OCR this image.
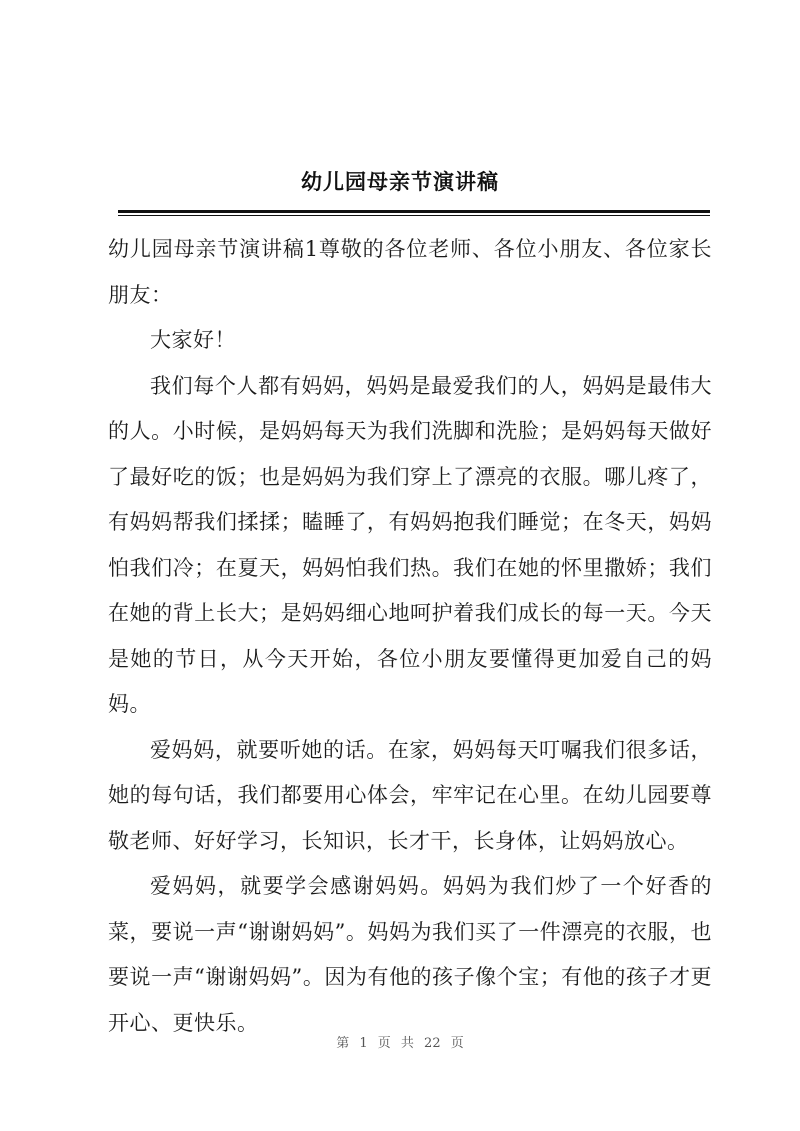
幼儿园母亲节演讲稿

幼儿园母亲节演讲稿1尊敬的各位老师、各位小朋友、各位家长朋友：

大家好！

我们每个人都有妈妈，妈妈是最爱我们的人，妈妈是最伟大的人。小时候，是妈妈每天为我们洗脚和洗脸；是妈妈每天做好了最好吃的饭；也是妈妈为我们穿上了漂亮的衣服。哪儿疼了，有妈妈帮我们揉揉；瞌睡了，有妈妈抱我们睡觉；在冬天，妈妈怕我们冷；在夏天，妈妈怕我们热。我们在她的怀里撒娇；我们在她的背上长大；是妈妈细心地呵护着我们成长的每一天。今天是她的节日，从今天开始，各位小朋友要懂得更加爱自己的妈妈。

爱妈妈，就要听她的话。在家，妈妈每天叮嘱我们很多话，她的每句话，我们都要用心体会，牢牢记在心里。在幼儿园要尊敬老师、好好学习，长知识，长才干，长身体，让妈妈放心。

爱妈妈，就要学会感谢妈妈。妈妈为我们炒了一个好香的菜，要说一声“谢谢妈妈”。妈妈为我们买了一件漂亮的衣服，也要说一声“谢谢妈妈”。因为有他的孩子像个宝；有他的孩子才更开心、更快乐。

第 1 页 共 22 页
